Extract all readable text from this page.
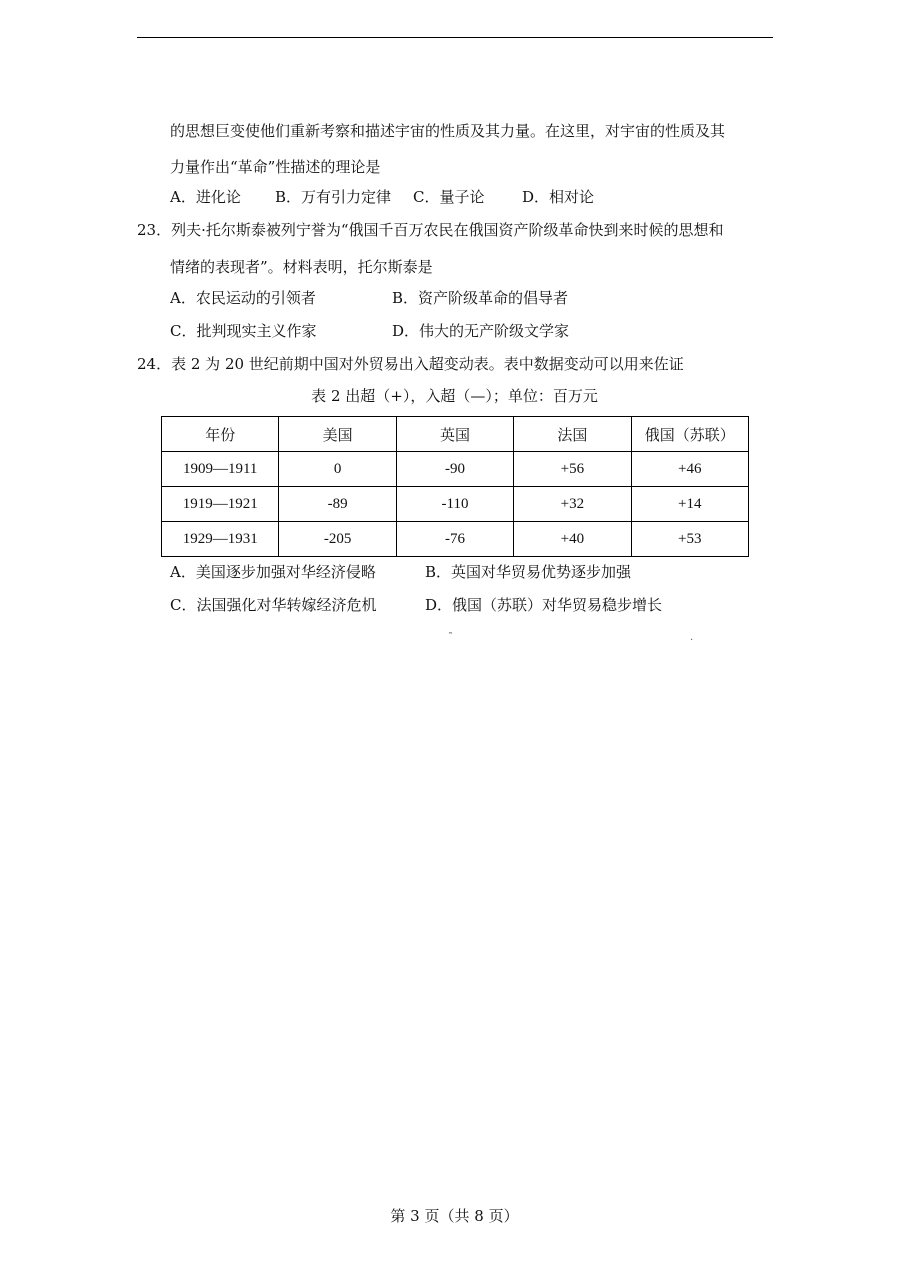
的思想巨变使他们重新考察和描述宇宙的性质及其力量。在这里，对宇宙的性质及其
力量作出“革命”性描述的理论是
A．进化论 B．万有引力定律 C．量子论	D．相对论
23．列夫·托尔斯泰被列宁誉为“俄国千百万农民在俄国资产阶级革命快到来时候的思想和
情绪的表现者”。材料表明，托尔斯泰是
A．农民运动的引领者	B．资产阶级革命的倡导者
C．批判现实主义作家	D．伟大的无产阶级文学家
24．表 2 为 20 世纪前期中国对外贸易出入超变动表。表中数据变动可以用来佐证
表 2 出超（+），入超（—）；单位：百万元
年份	美国	英国	法国	俄国（苏联）
1909—1911	0	-90	+56	+46
1919—1921	-89	-110	+32	+14
1929—1931	-205	-76	+40	+53
A．美国逐步加强对华经济侵略	B．英国对华贸易优势逐步加强
C．法国强化对华转嫁经济危机	D．俄国（苏联）对华贸易稳步增长
˜	.
第 3 页（共 8 页）
